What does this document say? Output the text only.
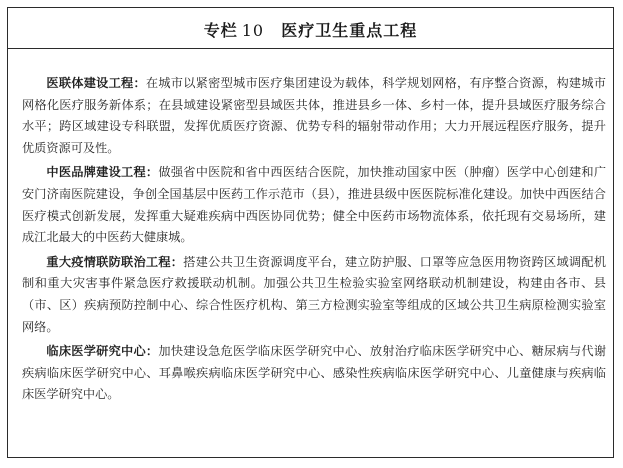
专栏 10 医疗卫生重点工程

医联体建设工程：在城市以紧密型城市医疗集团建设为载体，科学规划网格，有序整合资源，构建城市网格化医疗服务新体系；在县域建设紧密型县域医共体，推进县乡一体、乡村一体，提升县域医疗服务综合水平；跨区域建设专科联盟，发挥优质医疗资源、优势专科的辐射带动作用；大力开展远程医疗服务，提升优质资源可及性。

中医品牌建设工程：做强省中医院和省中西医结合医院，加快推动国家中医（肿瘤）医学中心创建和广安门济南医院建设，争创全国基层中医药工作示范市（县），推进县级中医医院标准化建设。加快中西医结合医疗模式创新发展，发挥重大疑难疾病中西医协同优势；健全中医药市场物流体系，依托现有交易场所，建成江北最大的中医药大健康城。

重大疫情联防联治工程：搭建公共卫生资源调度平台，建立防护服、口罩等应急医用物资跨区域调配机制和重大灾害事件紧急医疗救援联动机制。加强公共卫生检验实验室网络联动机制建设，构建由各市、县（市、区）疾病预防控制中心、综合性医疗机构、第三方检测实验室等组成的区域公共卫生病原检测实验室网络。

临床医学研究中心：加快建设急危医学临床医学研究中心、放射治疗临床医学研究中心、糖尿病与代谢疾病临床医学研究中心、耳鼻喉疾病临床医学研究中心、感染性疾病临床医学研究中心、儿童健康与疾病临床医学研究中心。
